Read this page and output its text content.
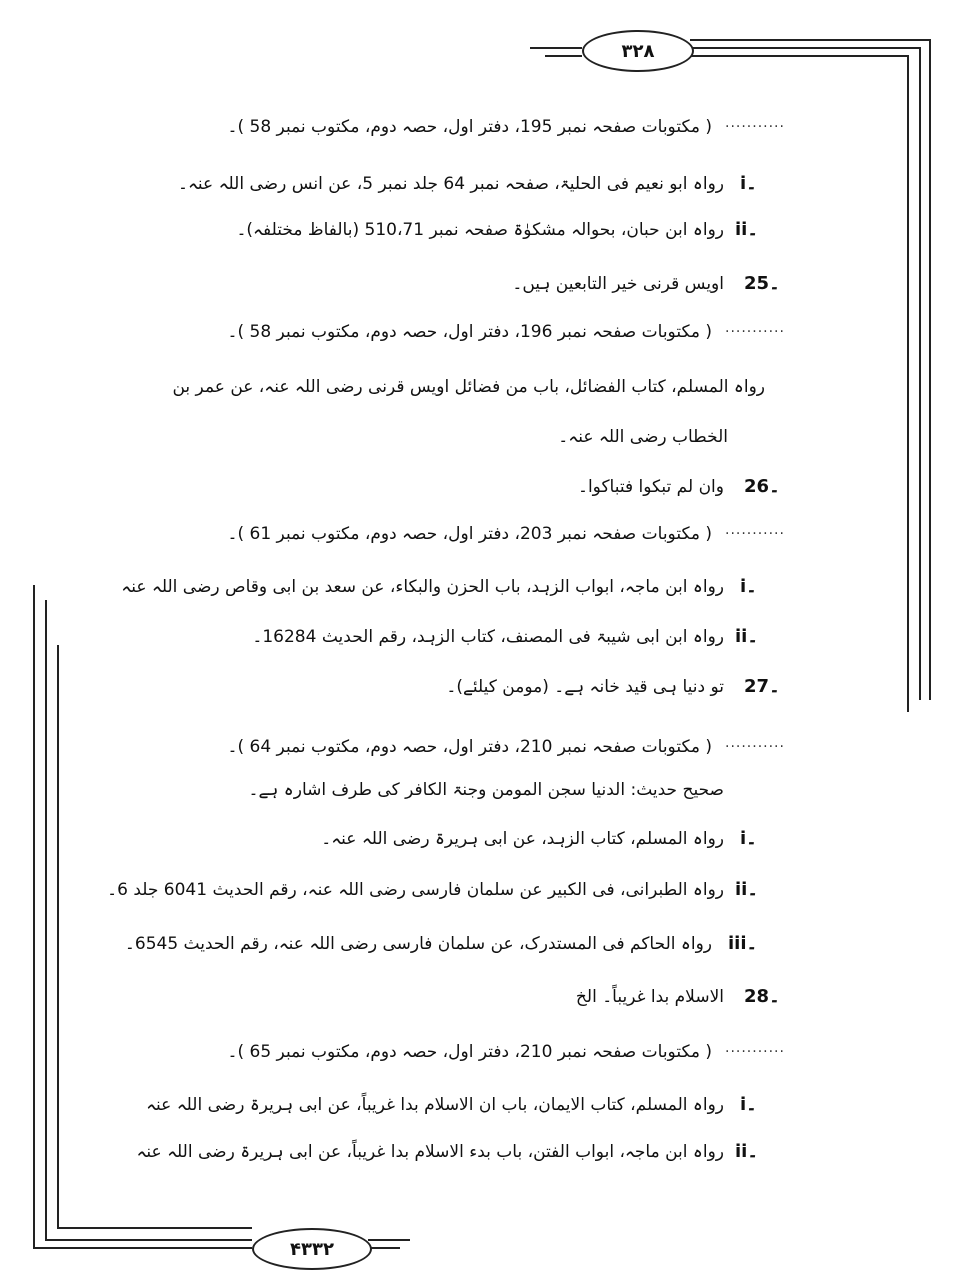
۳۲۸
۴۳۳۲
...........
( مکتوبات صفحہ نمبر 195، دفتر اول، حصہ دوم، مکتوب نمبر 58 )۔
i۔
رواہ ابو نعیم فی الحلیۃ، صفحہ نمبر 64 جلد نمبر 5، عن انس رضی اللہ عنہ۔
ii۔
رواہ ابن حبان، بحوالہ مشکوٰۃ صفحہ نمبر 510،71 (بالفاظ مختلفہ)۔
25۔
اویس قرنی خیر التابعین ہیں۔
...........
( مکتوبات صفحہ نمبر 196، دفتر اول، حصہ دوم، مکتوب نمبر 58 )۔
رواہ المسلم، کتاب الفضائل، باب من فضائل اویس قرنی رضی اللہ عنہ، عن عمر بن
الخطاب رضی اللہ عنہ۔
26۔
وان لم تبکوا فتباکوا۔
...........
( مکتوبات صفحہ نمبر 203، دفتر اول، حصہ دوم، مکتوب نمبر 61 )۔
i۔
رواہ ابن ماجہ، ابواب الزہد، باب الحزن والبکاء، عن سعد بن ابی وقاص رضی اللہ عنہ
ii۔
رواہ ابن ابی شیبۃ فی المصنف، کتاب الزہد، رقم الحدیث 16284۔
27۔
تو دنیا ہی قید خانہ ہے۔ (مومن کیلئے)۔
...........
( مکتوبات صفحہ نمبر 210، دفتر اول، حصہ دوم، مکتوب نمبر 64 )۔
صحیح حدیث: الدنیا سجن المومن وجنۃ الکافر کی طرف اشارہ ہے۔
i۔
رواہ المسلم، کتاب الزہد، عن ابی ہریرۃ رضی اللہ عنہ۔
ii۔
رواہ الطبرانی، فی الکبیر عن سلمان فارسی رضی اللہ عنہ، رقم الحدیث 6041 جلد 6۔
iii۔
رواہ الحاکم فی المستدرک، عن سلمان فارسی رضی اللہ عنہ، رقم الحدیث 6545۔
28۔
الاسلام بدا غریباً۔ الخ
...........
( مکتوبات صفحہ نمبر 210، دفتر اول، حصہ دوم، مکتوب نمبر 65 )۔
i۔
رواہ المسلم، کتاب الایمان، باب ان الاسلام بدا غریباً، عن ابی ہریرۃ رضی اللہ عنہ
ii۔
رواہ ابن ماجہ، ابواب الفتن، باب بدء الاسلام بدا غریباً، عن ابی ہریرۃ رضی اللہ عنہ
